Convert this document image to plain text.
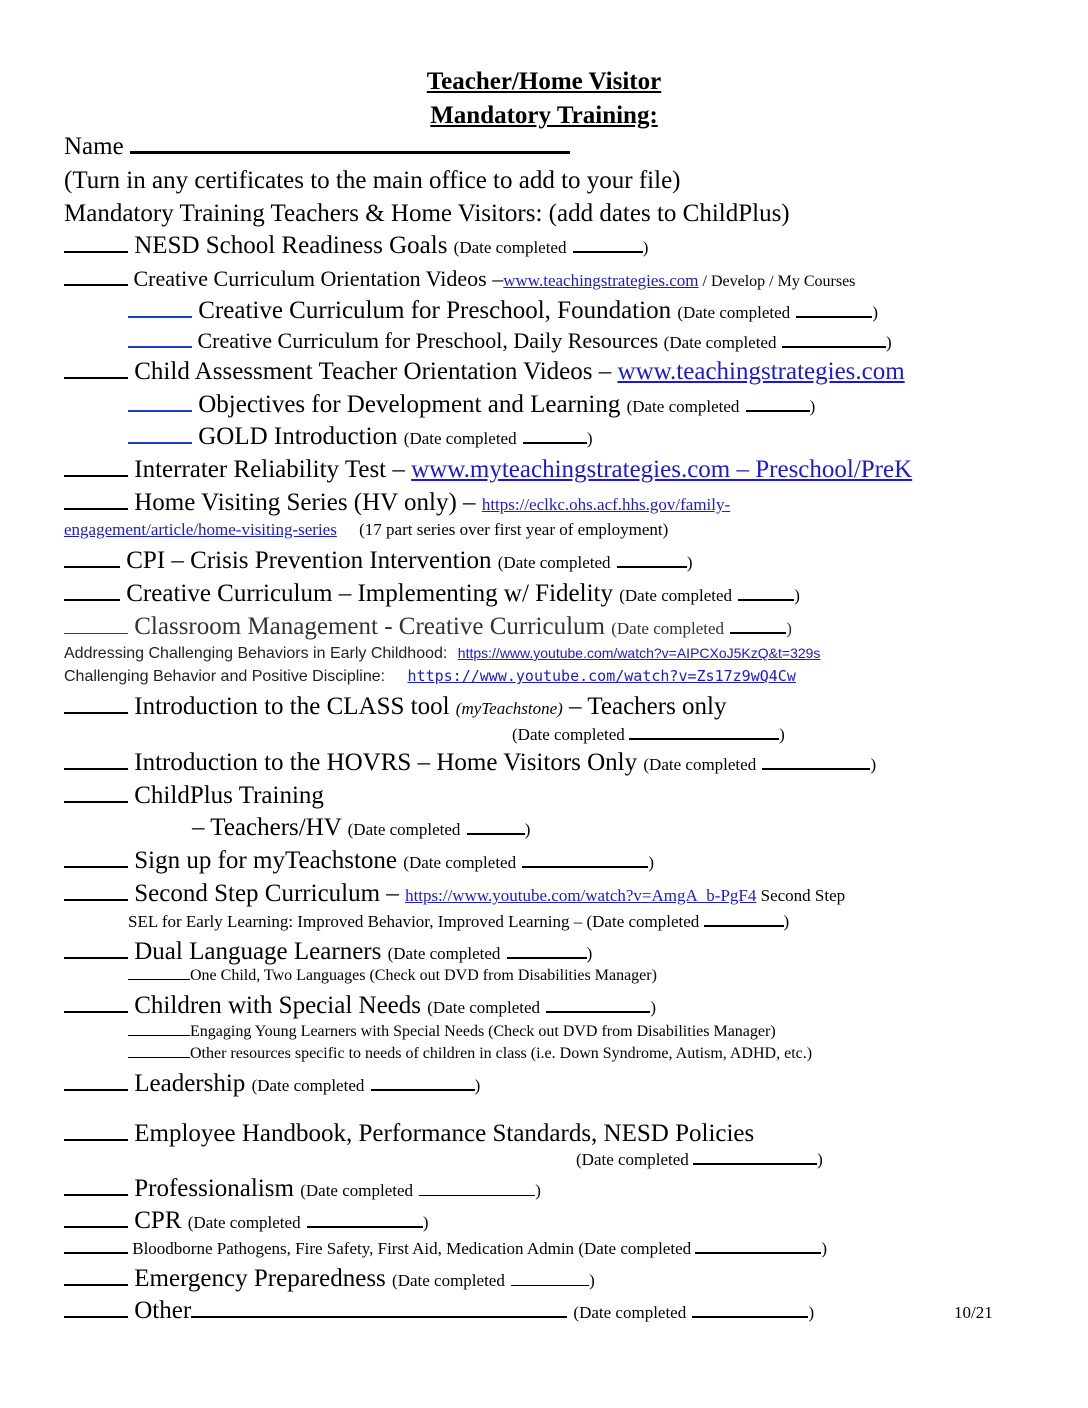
Teacher/Home Visitor
Mandatory Training:
Name
(Turn in any certificates to the main office to add to your file)
Mandatory Training Teachers & Home Visitors: (add dates to ChildPlus)
NESD School Readiness Goals (Date completed	)
Creative Curriculum Orientation Videos –www.teachingstrategies.com / Develop / My Courses
Creative Curriculum for Preschool, Foundation (Date completed	)
Creative Curriculum for Preschool, Daily Resources (Date completed	)
Child Assessment Teacher Orientation Videos – www.teachingstrategies.com
Objectives for Development and Learning (Date completed	)
GOLD Introduction (Date completed	)
Interrater Reliability Test – www.myteachingstrategies.com – Preschool/PreK
Home Visiting Series (HV only) – https://eclkc.ohs.acf.hhs.gov/family-
engagement/article/home-visiting-series (17 part series over first year of employment)
CPI – Crisis Prevention Intervention (Date completed	)
Creative Curriculum – Implementing w/ Fidelity (Date completed	)
Classroom Management - Creative Curriculum (Date completed	)
Addressing Challenging Behaviors in Early Childhood: https://www.youtube.com/watch?v=AIPCXoJ5KzQ&t=329s
Challenging Behavior and Positive Discipline: https://www.youtube.com/watch?v=Zs17z9wQ4Cw
Introduction to the CLASS tool (myTeachstone) – Teachers only
(Date completed	)
Introduction to the HOVRS – Home Visitors Only (Date completed	)
ChildPlus Training
– Teachers/HV (Date completed	)
Sign up for myTeachstone (Date completed	)
Second Step Curriculum – https://www.youtube.com/watch?v=AmgA_b-PgF4 Second Step
SEL for Early Learning: Improved Behavior, Improved Learning – (Date completed	)
Dual Language Learners (Date completed	)
One Child, Two Languages (Check out DVD from Disabilities Manager)
Children with Special Needs (Date completed	)
Engaging Young Learners with Special Needs (Check out DVD from Disabilities Manager)
Other resources specific to needs of children in class (i.e. Down Syndrome, Autism, ADHD, etc.)
Leadership (Date completed	)
Employee Handbook, Performance Standards, NESD Policies
(Date completed	)
Professionalism (Date completed	)
CPR (Date completed	)
Bloodborne Pathogens, Fire Safety, First Aid, Medication Admin (Date completed	)
Emergency Preparedness (Date completed	)
Other	(Date completed	)	10/21
